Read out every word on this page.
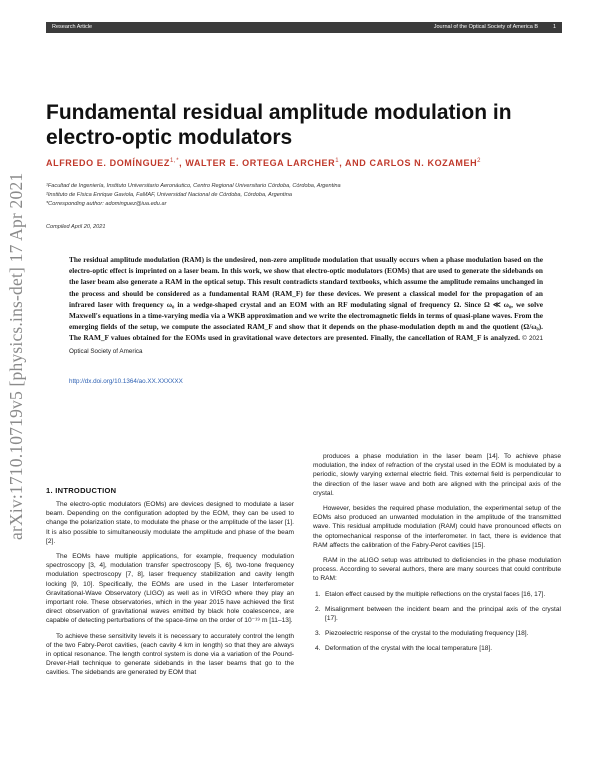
Research Article	Journal of the Optical Society of America B	1
arXiv:1710.10719v5 [physics.ins-det] 17 Apr 2021
Fundamental residual amplitude modulation in electro-optic modulators
ALFREDO E. $DOMÍNGUEZ^{1,*}$, WALTER E. ORTEGA LARCHER$^1$, AND CARLOS N. KOZAMEH$^2$
¹Facultad de Ingeniería, Instituto Universitario Aeronáutico, Centro Regional Universitario Córdoba, Córdoba, Argentina
²Instituto de Física Enrique Gaviola, FaMAF, Universidad Nacional de Córdoba, Córdoba, Argentina
*Corresponding author: adominguez@iua.edu.ar
Compiled April 20, 2021

The residual amplitude modulation (RAM) is the undesired, non-zero amplitude modulation that usually occurs when a phase modulation based on the electro-optic effect is imprinted on a laser beam. In this work, we show that electro-optic modulators (EOMs) that are used to generate the sidebands on the laser beam also generate a RAM in the optical setup. This result contradicts standard textbooks, which assume the amplitude remains unchanged in the process and should be considered as a fundamental RAM (RAM_F) for these devices. We present a classical model for the propagation of an infrared laser with frequency ω₀ in a wedge-shaped crystal and an EOM with an RF modulating signal of frequency Ω. Since Ω ≪ ω₀, we solve Maxwell's equations in a time-varying media via a WKB approximation and we write the electromagnetic fields in terms of quasi-plane waves. From the emerging fields of the setup, we compute the associated RAM_F and show that it depends on the phase-modulation depth m and the quotient (Ω/ω₀). The RAM_F values obtained for the EOMs used in gravitational wave detectors are presented. Finally, the cancellation of RAM_F is analyzed. © 2021 Optical Society of America

http://dx.doi.org/10.1364/ao.XX.XXXXXX
1. INTRODUCTION

The electro-optic modulators (EOMs) are devices designed to modulate a laser beam. Depending on the configuration adopted by the EOM, they can be used to change the polarization state, to modulate the phase or the amplitude of the laser [1]. It is also possible to simultaneously modulate the amplitude and phase of the beam [2].

The EOMs have multiple applications, for example, frequency modulation spectroscopy [3, 4], modulation transfer spectroscopy [5, 6], two-tone frequency modulation spectroscopy [7, 8], laser frequency stabilization and cavity length locking [9, 10]. Specifically, the EOMs are used in the Laser Interferometer Gravitational-Wave Observatory (LIGO) as well as in VIRGO where they play an important role. These observatories, which in the year 2015 have achieved the first direct observation of gravitational waves emitted by black hole coalescence, are capable of detecting perturbations of the space-time on the order of 10⁻¹⁹ m [11–13].

To achieve these sensitivity levels it is necessary to accurately control the length of the two Fabry-Perot cavities, (each cavity 4 km in length) so that they are always in optical resonance. The length control system is done via a variation of the Pound-Drever-Hall technique to generate sidebands in the laser beams that go to the cavities. The sidebands are generated by EOM that

produces a phase modulation in the laser beam [14]. To achieve phase modulation, the index of refraction of the crystal used in the EOM is modulated by a periodic, slowly varying external electric field. This external field is perpendicular to the direction of the laser wave and both are aligned with the principal axis of the crystal.

However, besides the required phase modulation, the experimental setup of the EOMs also produced an unwanted modulation in the amplitude of the transmitted wave. This residual amplitude modulation (RAM) could have pronounced effects on the optomechanical response of the interferometer. In fact, there is evidence that RAM affects the calibration of the Fabry-Perot cavities [15].

RAM in the aLIGO setup was attributed to deficiencies in the phase modulation process. According to several authors, there are many sources that could contribute to RAM:

1. Etalon effect caused by the multiple reflections on the crystal faces [16, 17].
2. Misalignment between the incident beam and the principal axis of the crystal [17].
3. Piezoelectric response of the crystal to the modulating frequency [18].
4. Deformation of the crystal with the local temperature [18].
